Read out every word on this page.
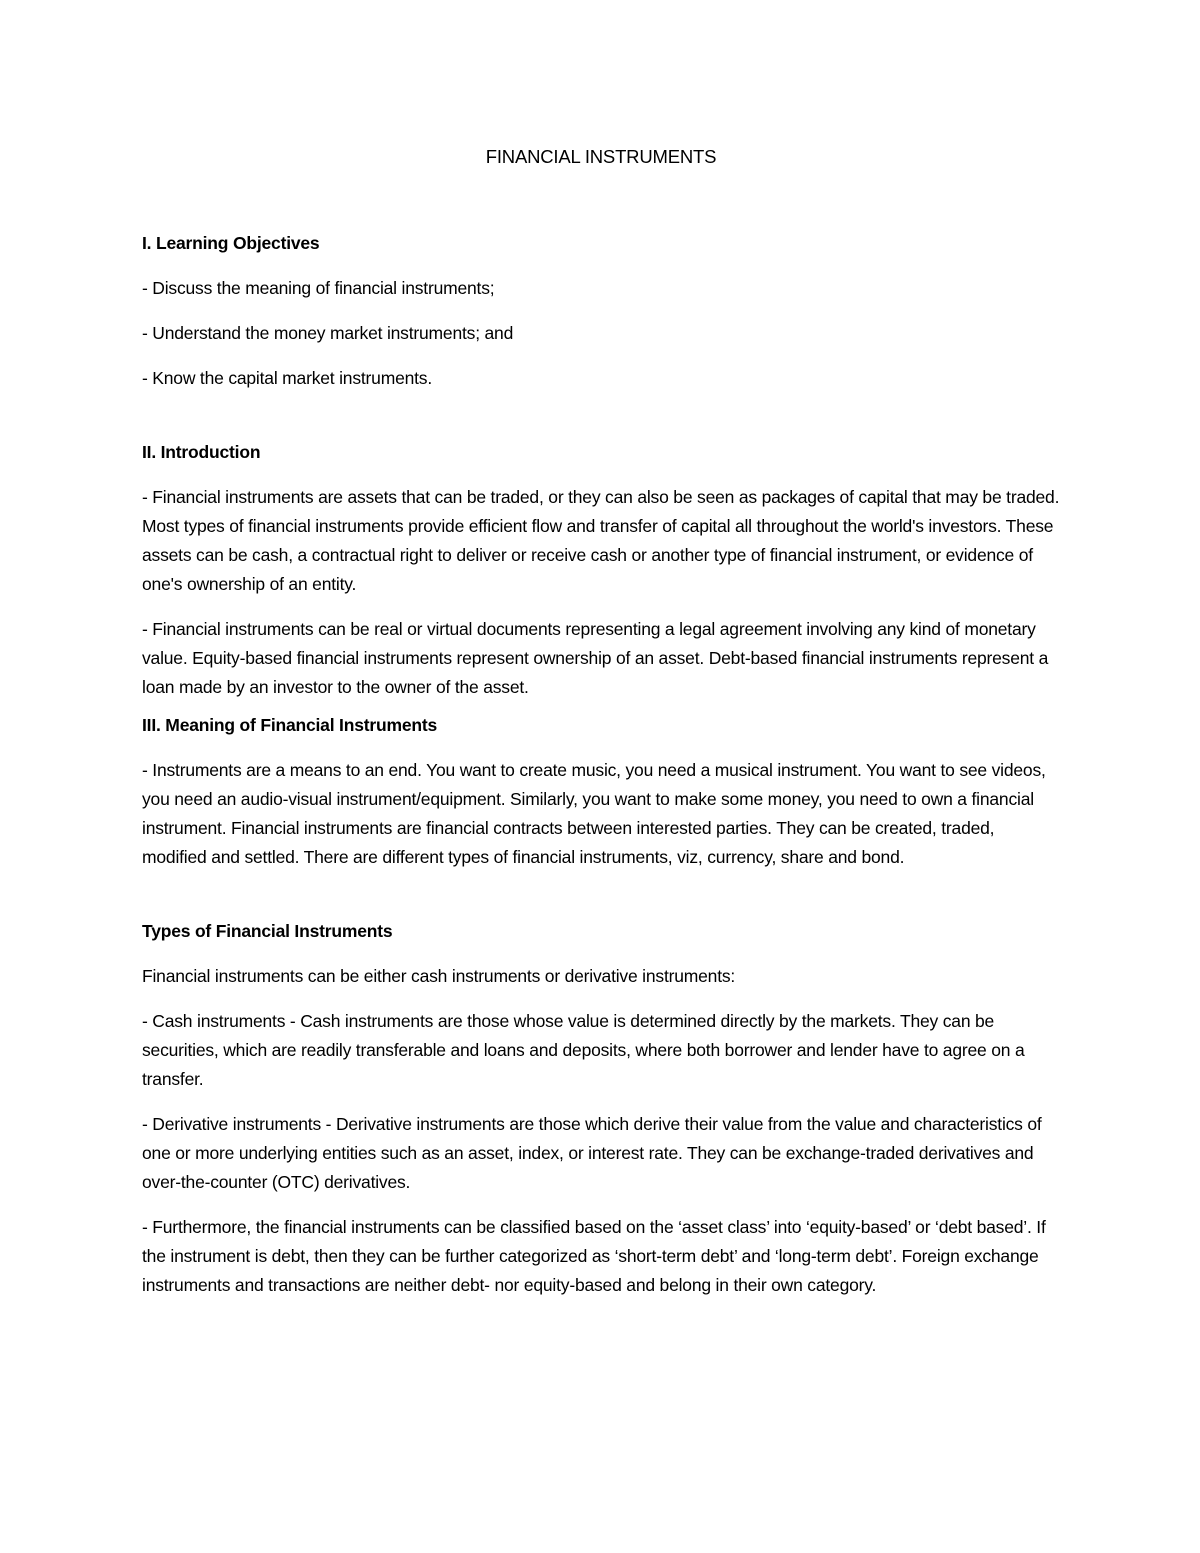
FINANCIAL INSTRUMENTS

I. Learning Objectives

- Discuss the meaning of financial instruments;

- Understand the money market instruments; and

- Know the capital market instruments.

II. Introduction

- Financial instruments are assets that can be traded, or they can also be seen as packages of capital that may be traded. Most types of financial instruments provide efficient flow and transfer of capital all throughout the world's investors. These assets can be cash, a contractual right to deliver or receive cash or another type of financial instrument, or evidence of one's ownership of an entity.

- Financial instruments can be real or virtual documents representing a legal agreement involving any kind of monetary value. Equity-based financial instruments represent ownership of an asset. Debt-based financial instruments represent a loan made by an investor to the owner of the asset.

III. Meaning of Financial Instruments

- Instruments are a means to an end. You want to create music, you need a musical instrument. You want to see videos, you need an audio-visual instrument/equipment. Similarly, you want to make some money, you need to own a financial instrument. Financial instruments are financial contracts between interested parties. They can be created, traded, modified and settled. There are different types of financial instruments, viz, currency, share and bond.

Types of Financial Instruments

Financial instruments can be either cash instruments or derivative instruments:

- Cash instruments - Cash instruments are those whose value is determined directly by the markets. They can be securities, which are readily transferable and loans and deposits, where both borrower and lender have to agree on a transfer.

- Derivative instruments - Derivative instruments are those which derive their value from the value and characteristics of one or more underlying entities such as an asset, index, or interest rate. They can be exchange-traded derivatives and over-the-counter (OTC) derivatives.

- Furthermore, the financial instruments can be classified based on the ‘asset class’ into ‘equity-based’ or ‘debt based’. If the instrument is debt, then they can be further categorized as ‘short-term debt’ and ‘long-term debt’. Foreign exchange instruments and transactions are neither debt- nor equity-based and belong in their own category.
